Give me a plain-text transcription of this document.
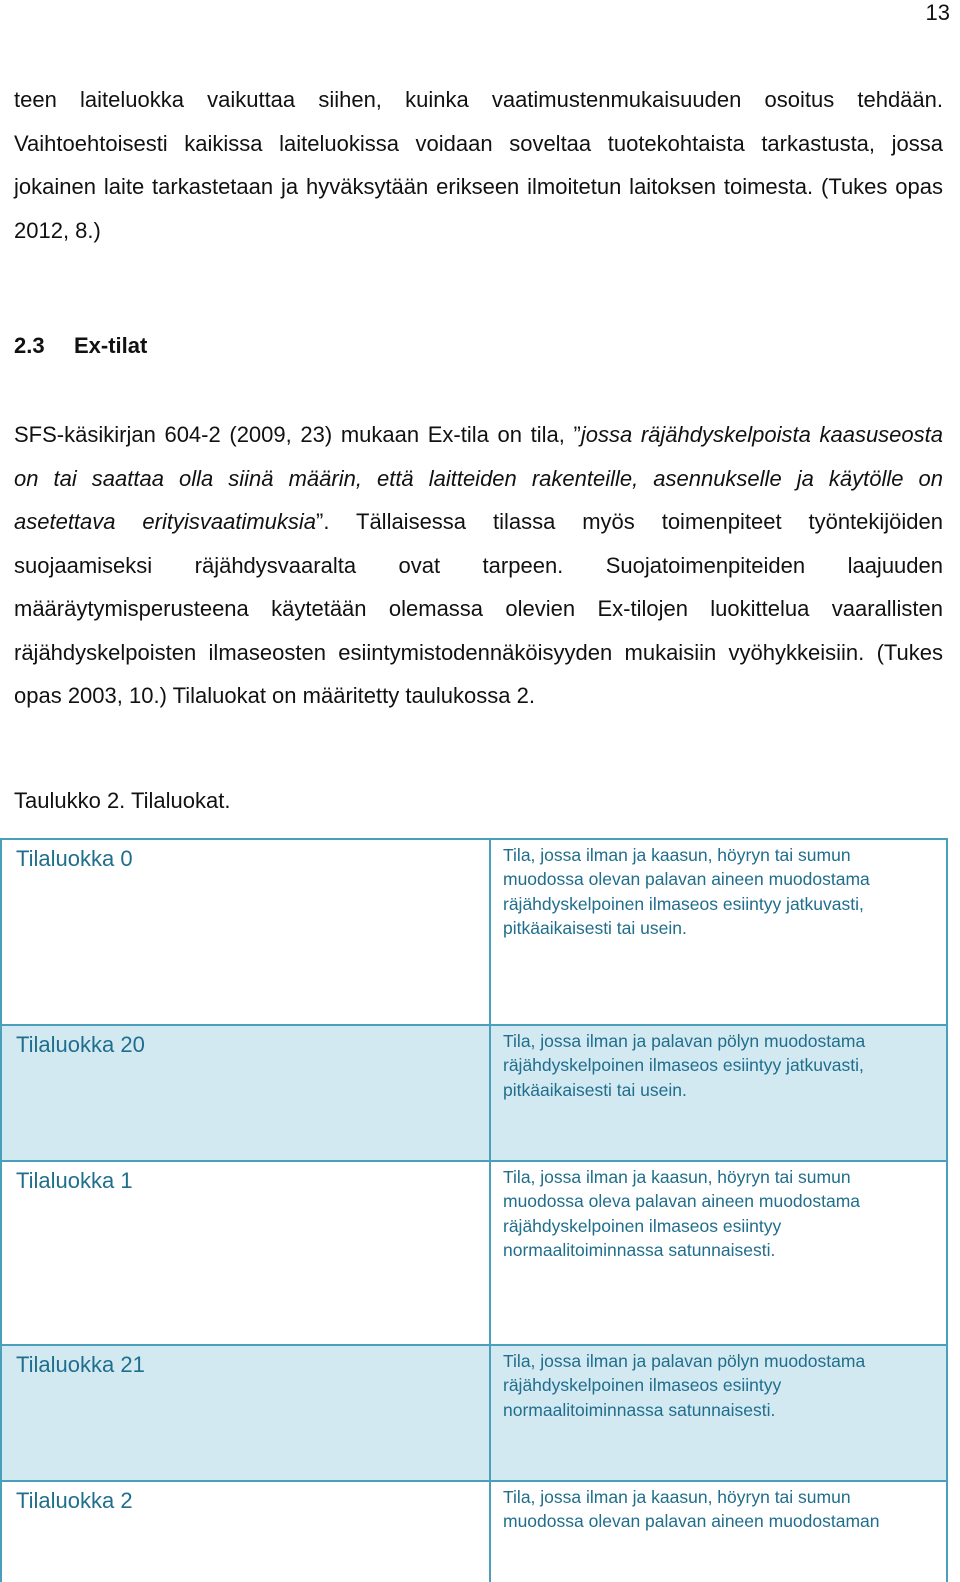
13

teen laiteluokka vaikuttaa siihen, kuinka vaatimustenmukaisuuden osoitus tehdään. Vaihtoehtoisesti kaikissa laiteluokissa voidaan soveltaa tuotekohtaista tarkastusta, jossa jokainen laite tarkastetaan ja hyväksytään erikseen ilmoitetun laitoksen toimesta. (Tukes opas 2012, 8.)

2.3 Ex-tilat

SFS-käsikirjan 604-2 (2009, 23) mukaan Ex-tila on tila, ”jossa räjähdyskelpoista kaasuseosta on tai saattaa olla siinä määrin, että laitteiden rakenteille, asennukselle ja käytölle on asetettava erityisvaatimuksia”. Tällaisessa tilassa myös toimenpiteet työntekijöiden suojaamiseksi räjähdysvaaralta ovat tarpeen. Suojatoimenpiteiden laajuuden määräytymisperusteena käytetään olemassa olevien Ex-tilojen luokittelua vaarallisten räjähdyskelpoisten ilmaseosten esiintymistodennäköisyyden mukaisiin vyöhykkeisiin. (Tukes opas 2003, 10.) Tilaluokat on määritetty taulukossa 2.

Taulukko 2. Tilaluokat.

Tilaluokka 0	Tila, jossa ilman ja kaasun, höyryn tai sumun muodossa olevan palavan aineen muodostama räjähdyskelpoinen ilmaseos esiintyy jatkuvasti, pitkäaikaisesti tai usein.
Tilaluokka 20	Tila, jossa ilman ja palavan pölyn muodostama räjähdyskelpoinen ilmaseos esiintyy jatkuvasti, pitkäaikaisesti tai usein.
Tilaluokka 1	Tila, jossa ilman ja kaasun, höyryn tai sumun muodossa oleva palavan aineen muodostama räjähdyskelpoinen ilmaseos esiintyy normaalitoiminnassa satunnaisesti.
Tilaluokka 21	Tila, jossa ilman ja palavan pölyn muodostama räjähdyskelpoinen ilmaseos esiintyy normaalitoiminnassa satunnaisesti.
Tilaluokka 2	Tila, jossa ilman ja kaasun, höyryn tai sumun muodossa olevan palavan aineen muodostaman
